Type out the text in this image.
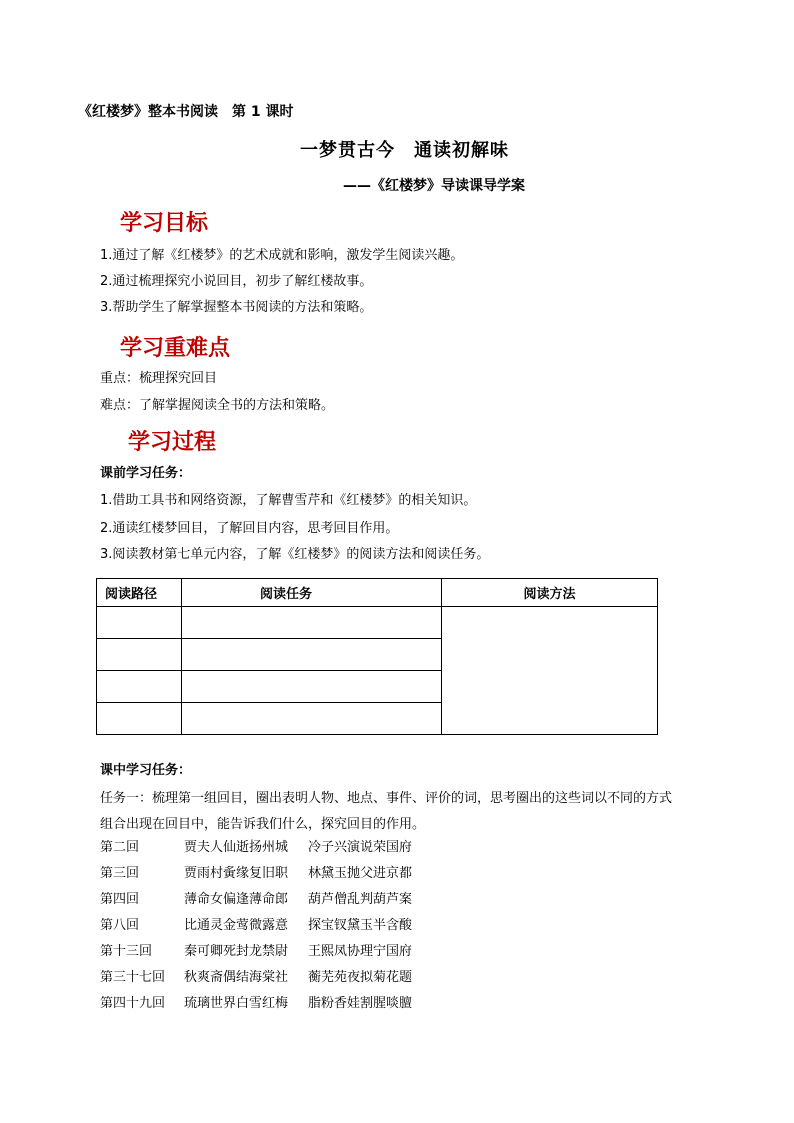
《红楼梦》整本书阅读　第 1 课时
一梦贯古今　通读初解味
——《红楼梦》导读课导学案
学习目标
1.通过了解《红楼梦》的艺术成就和影响，激发学生阅读兴趣。
2.通过梳理探究小说回目，初步了解红楼故事。
3.帮助学生了解掌握整本书阅读的方法和策略。
学习重难点
重点：梳理探究回目
难点：了解掌握阅读全书的方法和策略。
学习过程
课前学习任务：
1.借助工具书和网络资源，了解曹雪芹和《红楼梦》的相关知识。
2.通读红楼梦回目，了解回目内容，思考回目作用。
3.阅读教材第七单元内容，了解《红楼梦》的阅读方法和阅读任务。
阅读路径	阅读任务	阅读方法

课中学习任务：
任务一：梳理第一组回目，圈出表明人物、地点、事件、评价的词，思考圈出的这些词以不同的方式
组合出现在回目中，能告诉我们什么，探究回目的作用。
第二回	贾夫人仙逝扬州城 冷子兴演说荣国府
第三回	贾雨村夤缘复旧职 林黛玉抛父进京都
第四回	薄命女偏逢薄命郎 葫芦僧乱判葫芦案
第八回	比通灵金莺微露意 探宝钗黛玉半含酸
第十三回 秦可卿死封龙禁尉 王熙凤协理宁国府
第三十七回 秋爽斋偶结海棠社 蘅芜苑夜拟菊花题
第四十九回 琉璃世界白雪红梅 脂粉香娃割腥啖膻
